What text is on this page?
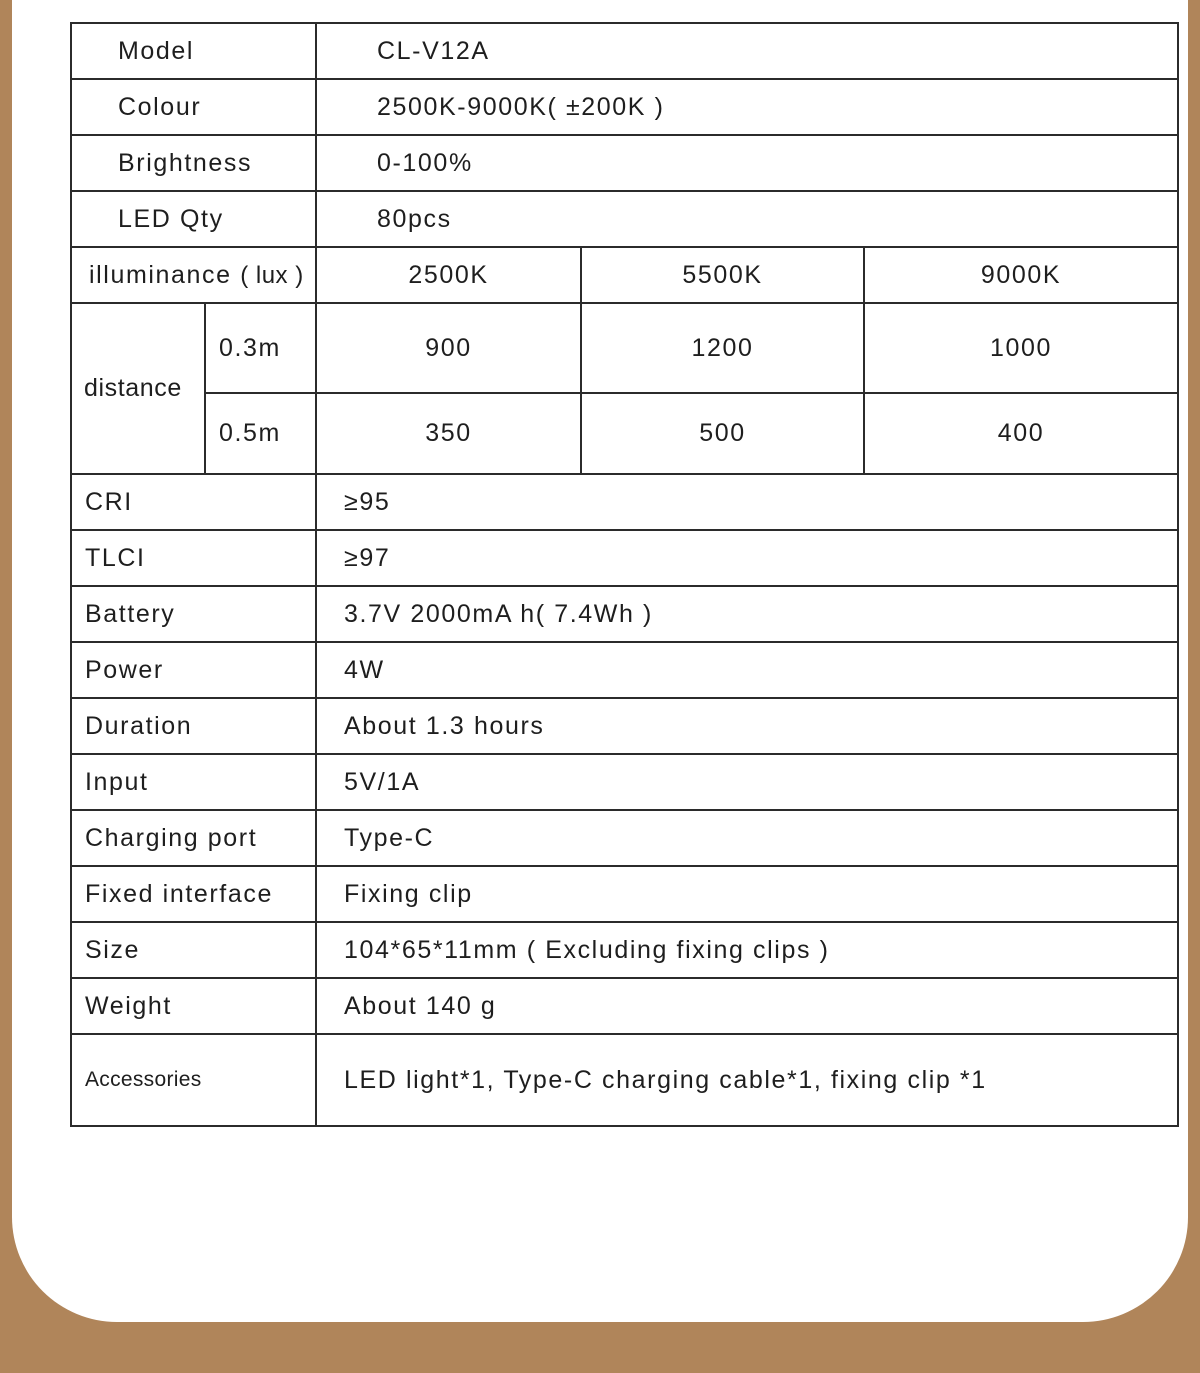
Model		CL-V12A		
Colour		2500K-9000K( ±200K )		
Brightness		0-100%		
LED Qty		80pcs		
illuminance ( lux )		2500K	5500K	9000K
distance	0.3m	900	1200	1000
	0.5m	350	500	400
CRI		≥95		
TLCI		≥97		
Battery		3.7V 2000mA h( 7.4Wh )		
Power		4W		
Duration		About 1.3 hours		
Input		5V/1A		
Charging port		Type-C		
Fixed interface		Fixing clip		
Size		104*65*11mm ( Excluding fixing clips )		
Weight		About 140 g		
Accessories		LED light*1, Type-C charging cable*1, fixing clip *1		
